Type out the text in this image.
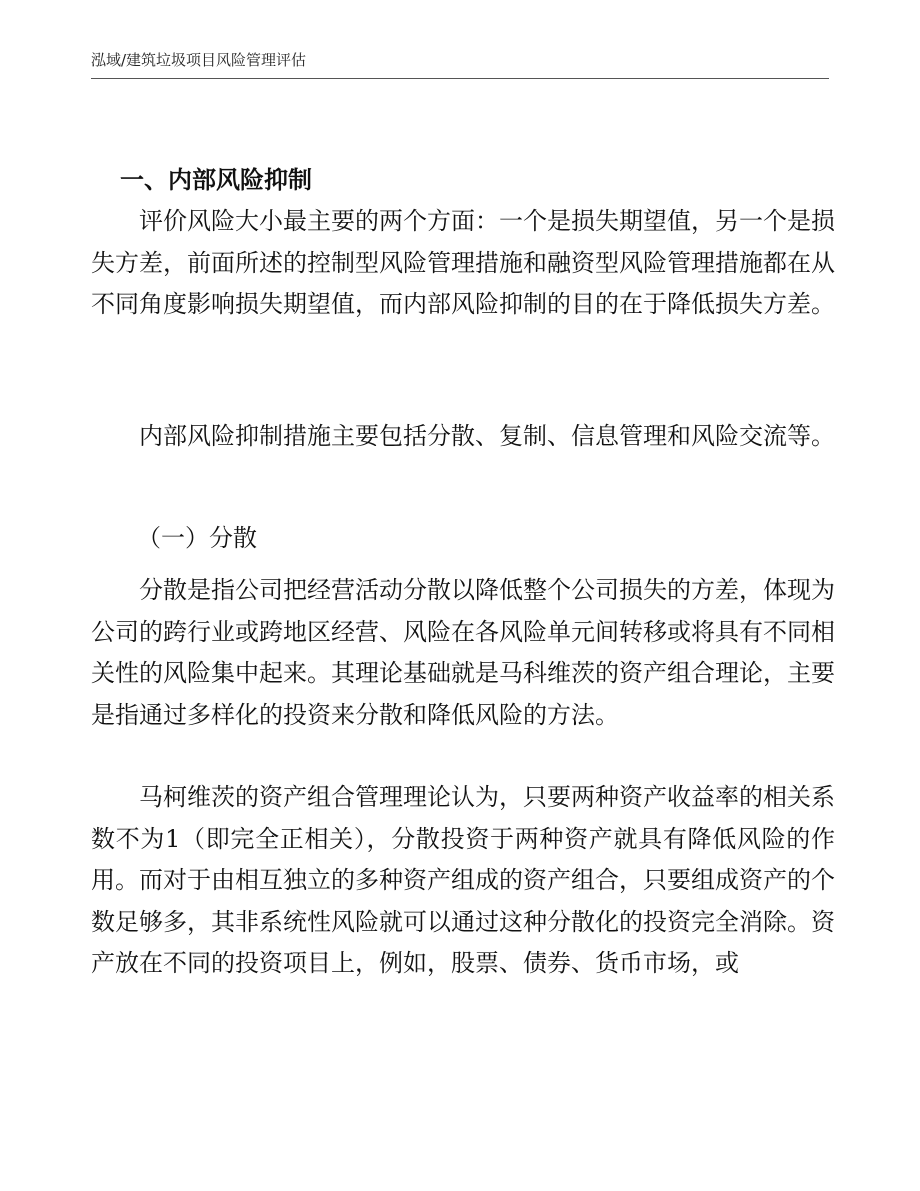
泓域/建筑垃圾项目风险管理评估
一、内部风险抑制

评价风险大小最主要的两个方面：一个是损失期望值，另一个是损失方差，前面所述的控制型风险管理措施和融资型风险管理措施都在从不同角度影响损失期望值，而内部风险抑制的目的在于降低损失方差。

内部风险抑制措施主要包括分散、复制、信息管理和风险交流等。

（一）分散

分散是指公司把经营活动分散以降低整个公司损失的方差，体现为公司的跨行业或跨地区经营、风险在各风险单元间转移或将具有不同相关性的风险集中起来。其理论基础就是马科维茨的资产组合理论，主要是指通过多样化的投资来分散和降低风险的方法。

马柯维茨的资产组合管理理论认为，只要两种资产收益率的相关系数不为1（即完全正相关），分散投资于两种资产就具有降低风险的作用。而对于由相互独立的多种资产组成的资产组合，只要组成资产的个数足够多，其非系统性风险就可以通过这种分散化的投资完全消除。资产放在不同的投资项目上，例如，股票、债券、货币市场，或
